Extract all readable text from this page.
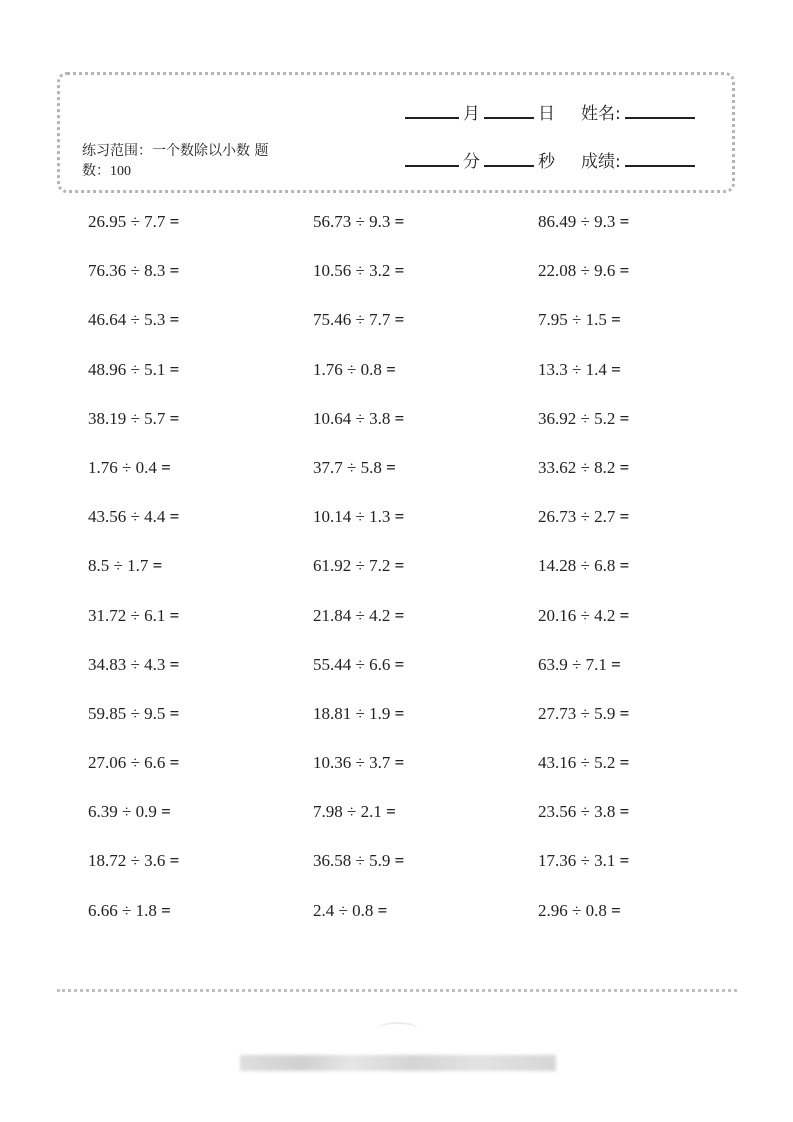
练习范围：一个数除以小数 题
数：100
月	日 姓名:
分	秒 成绩:
26.95 ÷ 7.7 =	56.73 ÷ 9.3 =	86.49 ÷ 9.3 =
76.36 ÷ 8.3 =	10.56 ÷ 3.2 =	22.08 ÷ 9.6 =
46.64 ÷ 5.3 =	75.46 ÷ 7.7 =	7.95 ÷ 1.5 =
48.96 ÷ 5.1 =	1.76 ÷ 0.8 =	13.3 ÷ 1.4 =
38.19 ÷ 5.7 =	10.64 ÷ 3.8 =	36.92 ÷ 5.2 =
1.76 ÷ 0.4 =	37.7 ÷ 5.8 =	33.62 ÷ 8.2 =
43.56 ÷ 4.4 =	10.14 ÷ 1.3 =	26.73 ÷ 2.7 =
8.5 ÷ 1.7 =	61.92 ÷ 7.2 =	14.28 ÷ 6.8 =
31.72 ÷ 6.1 =	21.84 ÷ 4.2 =	20.16 ÷ 4.2 =
34.83 ÷ 4.3 =	55.44 ÷ 6.6 =	63.9 ÷ 7.1 =
59.85 ÷ 9.5 =	18.81 ÷ 1.9 =	27.73 ÷ 5.9 =
27.06 ÷ 6.6 =	10.36 ÷ 3.7 =	43.16 ÷ 5.2 =
6.39 ÷ 0.9 =	7.98 ÷ 2.1 =	23.56 ÷ 3.8 =
18.72 ÷ 3.6 =	36.58 ÷ 5.9 =	17.36 ÷ 3.1 =
6.66 ÷ 1.8 =	2.4 ÷ 0.8 =	2.96 ÷ 0.8 =
